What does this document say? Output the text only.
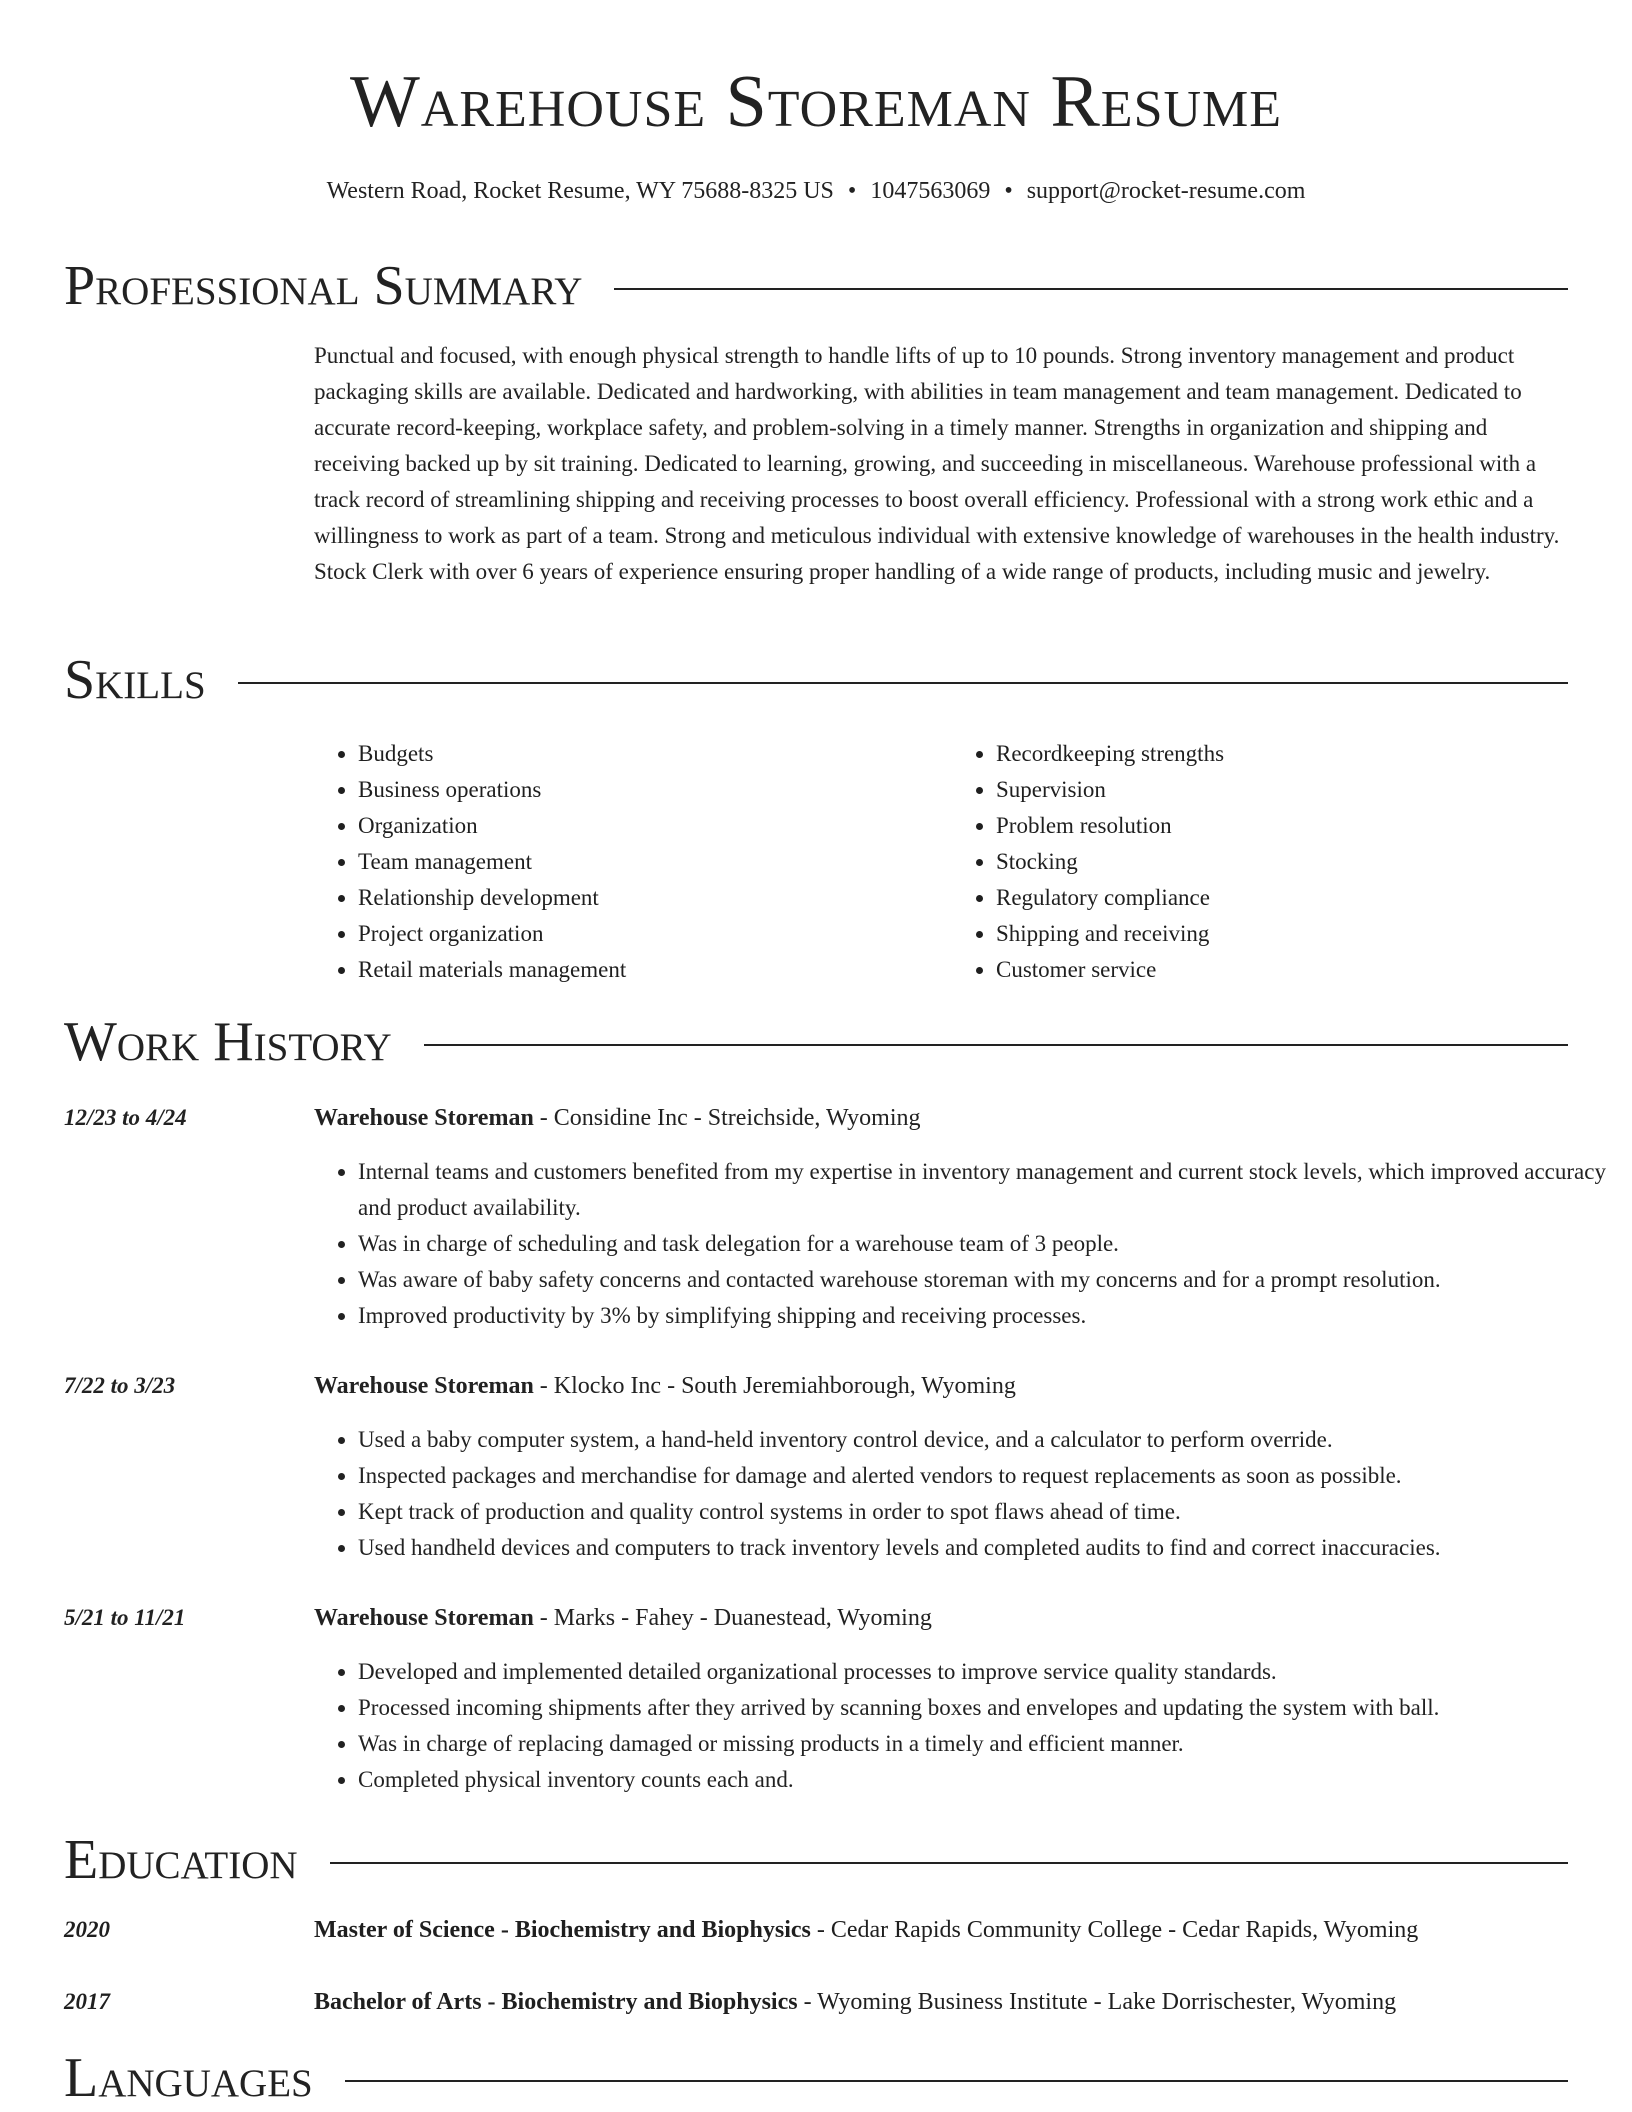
Warehouse Storeman Resume
Western Road, Rocket Resume, WY 75688-8325 US • 1047563069 • support@rocket-resume.com
Professional Summary

Punctual and focused, with enough physical strength to handle lifts of up to 10 pounds. Strong inventory management and product packaging skills are available. Dedicated and hardworking, with abilities in team management and team management. Dedicated to accurate record-keeping, workplace safety, and problem-solving in a timely manner. Strengths in organization and shipping and receiving backed up by sit training. Dedicated to learning, growing, and succeeding in miscellaneous. Warehouse professional with a track record of streamlining shipping and receiving processes to boost overall efficiency. Professional with a strong work ethic and a willingness to work as part of a team. Strong and meticulous individual with extensive knowledge of warehouses in the health industry. Stock Clerk with over 6 years of experience ensuring proper handling of a wide range of products, including music and jewelry.

Skills
• Budgets
• Business operations
• Organization
• Team management
• Relationship development
• Project organization
• Retail materials management
• Recordkeeping strengths
• Supervision
• Problem resolution
• Stocking
• Regulatory compliance
• Shipping and receiving
• Customer service
Work History
12/23 to 4/24	Warehouse Storeman - Considine Inc - Streichside, Wyoming
• Internal teams and customers benefited from my expertise in inventory management and current stock levels, which improved accuracy and product availability.
• Was in charge of scheduling and task delegation for a warehouse team of 3 people.
• Was aware of baby safety concerns and contacted warehouse storeman with my concerns and for a prompt resolution.
• Improved productivity by 3% by simplifying shipping and receiving processes.
7/22 to 3/23	Warehouse Storeman - Klocko Inc - South Jeremiahborough, Wyoming
• Used a baby computer system, a hand-held inventory control device, and a calculator to perform override.
• Inspected packages and merchandise for damage and alerted vendors to request replacements as soon as possible.
• Kept track of production and quality control systems in order to spot flaws ahead of time.
• Used handheld devices and computers to track inventory levels and completed audits to find and correct inaccuracies.
5/21 to 11/21	Warehouse Storeman - Marks - Fahey - Duanestead, Wyoming
• Developed and implemented detailed organizational processes to improve service quality standards.
• Processed incoming shipments after they arrived by scanning boxes and envelopes and updating the system with ball.
• Was in charge of replacing damaged or missing products in a timely and efficient manner.
• Completed physical inventory counts each and.
Education
2020	Master of Science - Biochemistry and Biophysics - Cedar Rapids Community College - Cedar Rapids, Wyoming
2017	Bachelor of Arts - Biochemistry and Biophysics - Wyoming Business Institute - Lake Dorrischester, Wyoming
Languages
